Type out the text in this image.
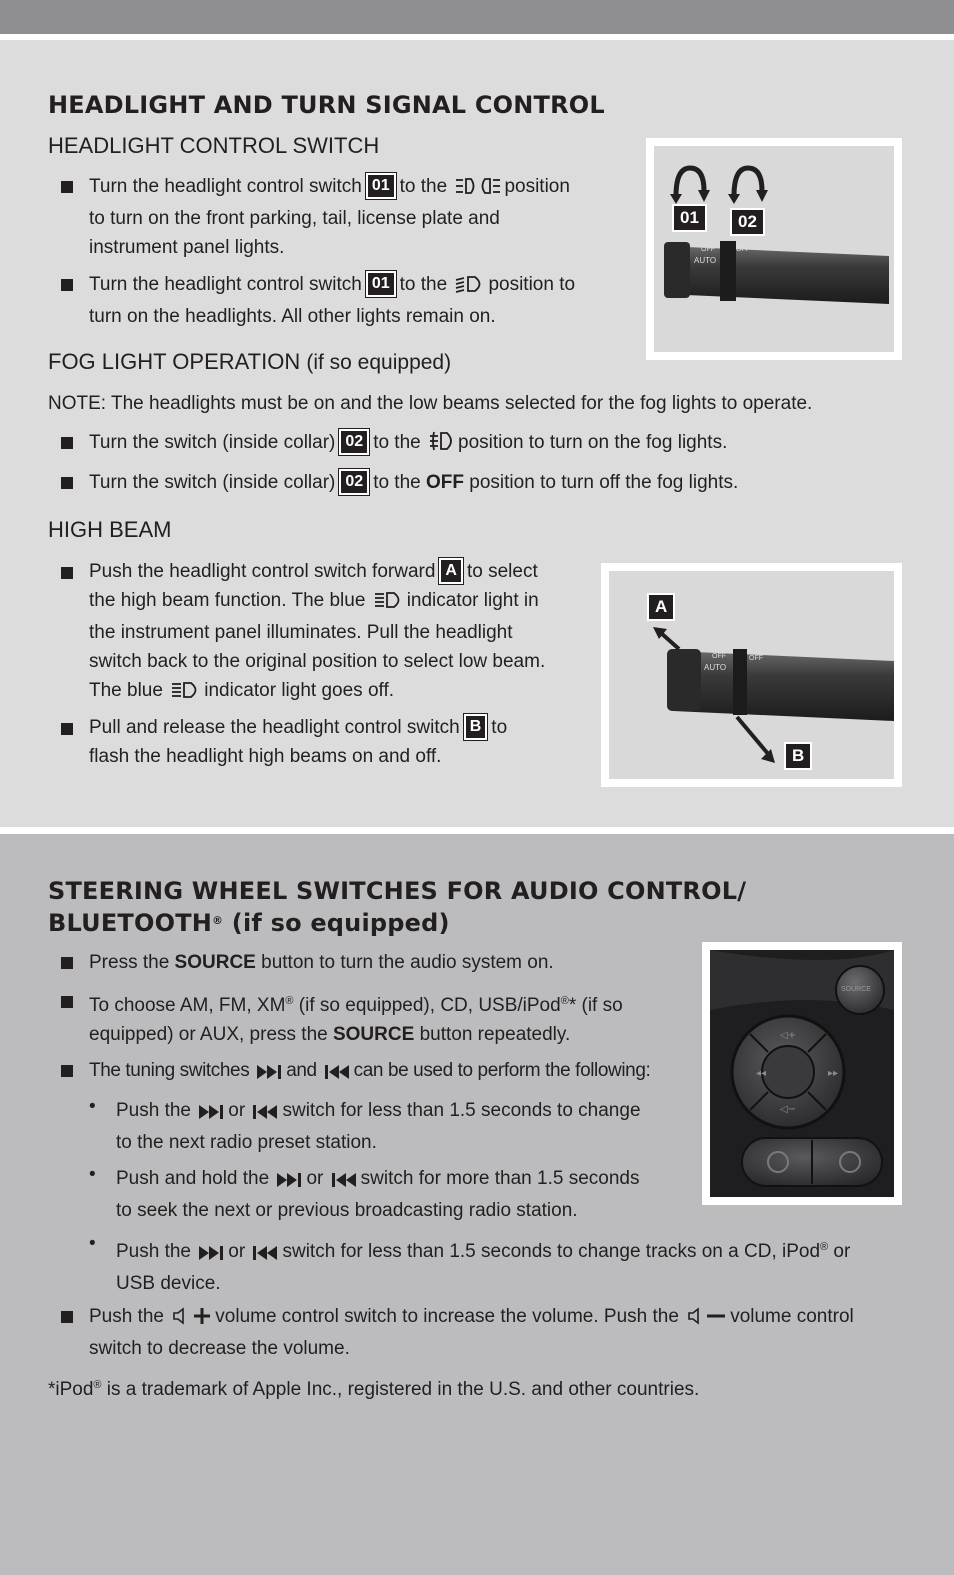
HEADLIGHT AND TURN SIGNAL CONTROL
HEADLIGHT CONTROL SWITCH
Turn the headlight control switch 01 to the	position
to turn on the front parking, tail, license plate and
instrument panel lights.
Turn the headlight control switch 01 to the position to
turn on the headlights. All other lights remain on.
FOG LIGHT OPERATION (if so equipped)
NOTE: The headlights must be on and the low beams selected for the fog lights to operate.
Turn the switch (inside collar) 02 to the position to turn on the fog lights.
Turn the switch (inside collar) 02 to the OFF position to turn off the fog lights.
HIGH BEAM
Push the headlight control switch forward A to select
the high beam function. The blue indicator light in
the instrument panel illuminates. Pull the headlight
switch back to the original position to select low beam.
The blue indicator light goes off.
Pull and release the headlight control switch B to
flash the headlight high beams on and off.
OFF	OFF
AUTO
01	02
OFF	OFF
AUTO
A
B
STEERING WHEEL SWITCHES FOR AUDIO CONTROL/
BLUETOOTH® (if so equipped)
Press the SOURCE button to turn the audio system on.
To choose AM, FM, XM® (if so equipped), CD, USB/iPod®* (if so
equipped) or AUX, press the SOURCE button repeatedly.
The tuning switches and can be used to perform the following:
• Push the or switch for less than 1.5 seconds to change
to the next radio preset station.
• Push and hold the or switch for more than 1.5 seconds
to seek the next or previous broadcasting radio station.
• Push the or switch for less than 1.5 seconds to change tracks on a CD, iPod® or
USB device.
Push the	volume control switch to increase the volume. Push the	volume control
switch to decrease the volume.
*iPod® is a trademark of Apple Inc., registered in the U.S. and other countries.
◁+
◁−
◂◂	▸▸
SOURCE
